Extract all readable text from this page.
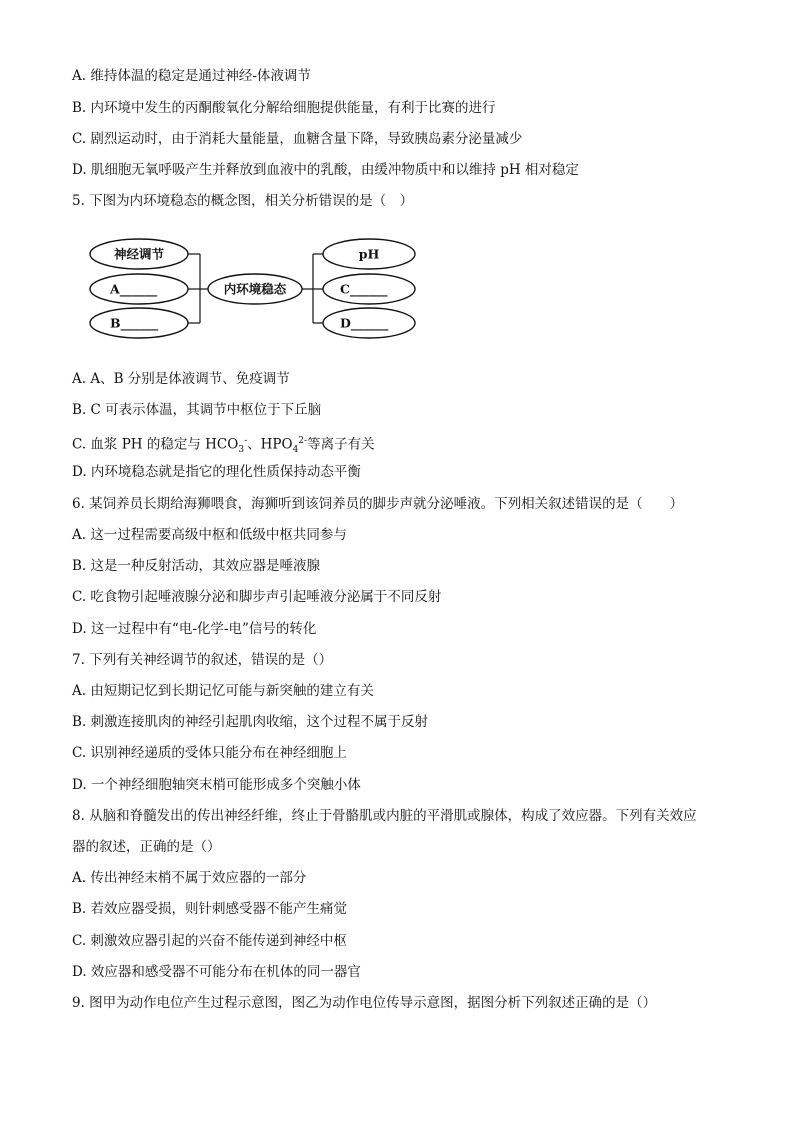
A. 维持体温的稳定是通过神经-体液调节
B. 内环境中发生的丙酮酸氧化分解给细胞提供能量，有利于比赛的进行
C. 剧烈运动时，由于消耗大量能量，血糖含量下降，导致胰岛素分泌量减少
D. 肌细胞无氧呼吸产生并释放到血液中的乳酸，由缓冲物质中和以维持 pH 相对稳定
5. 下图为内环境稳态的概念图，相关分析错误的是（　）
神经调节
A______
B______
内环境稳态
pH
C______
D______
A. A、B 分别是体液调节、免疫调节
B. C 可表示体温，其调节中枢位于下丘脑
C. 血浆 PH 的稳定与 $HCO_3^-$、$HPO_4^{2-}$等离子有关
D. 内环境稳态就是指它的理化性质保持动态平衡
6. 某饲养员长期给海狮喂食，海狮听到该饲养员的脚步声就分泌唾液。下列相关叙述错误的是（　　）
A. 这一过程需要高级中枢和低级中枢共同参与
B. 这是一种反射活动，其效应器是唾液腺
C. 吃食物引起唾液腺分泌和脚步声引起唾液分泌属于不同反射
D. 这一过程中有“电-化学-电”信号的转化
7. 下列有关神经调节的叙述，错误的是（）
A. 由短期记忆到长期记忆可能与新突触的建立有关
B. 刺激连接肌肉的神经引起肌肉收缩，这个过程不属于反射
C. 识别神经递质的受体只能分布在神经细胞上
D. 一个神经细胞轴突末梢可能形成多个突触小体
8. 从脑和脊髓发出的传出神经纤维，终止于骨骼肌或内脏的平滑肌或腺体，构成了效应器。下列有关效应
器的叙述，正确的是（）
A. 传出神经末梢不属于效应器的一部分
B. 若效应器受损，则针刺感受器不能产生痛觉
C. 刺激效应器引起的兴奋不能传递到神经中枢
D. 效应器和感受器不可能分布在机体的同一器官
9. 图甲为动作电位产生过程示意图，图乙为动作电位传导示意图，据图分析下列叙述正确的是（）
